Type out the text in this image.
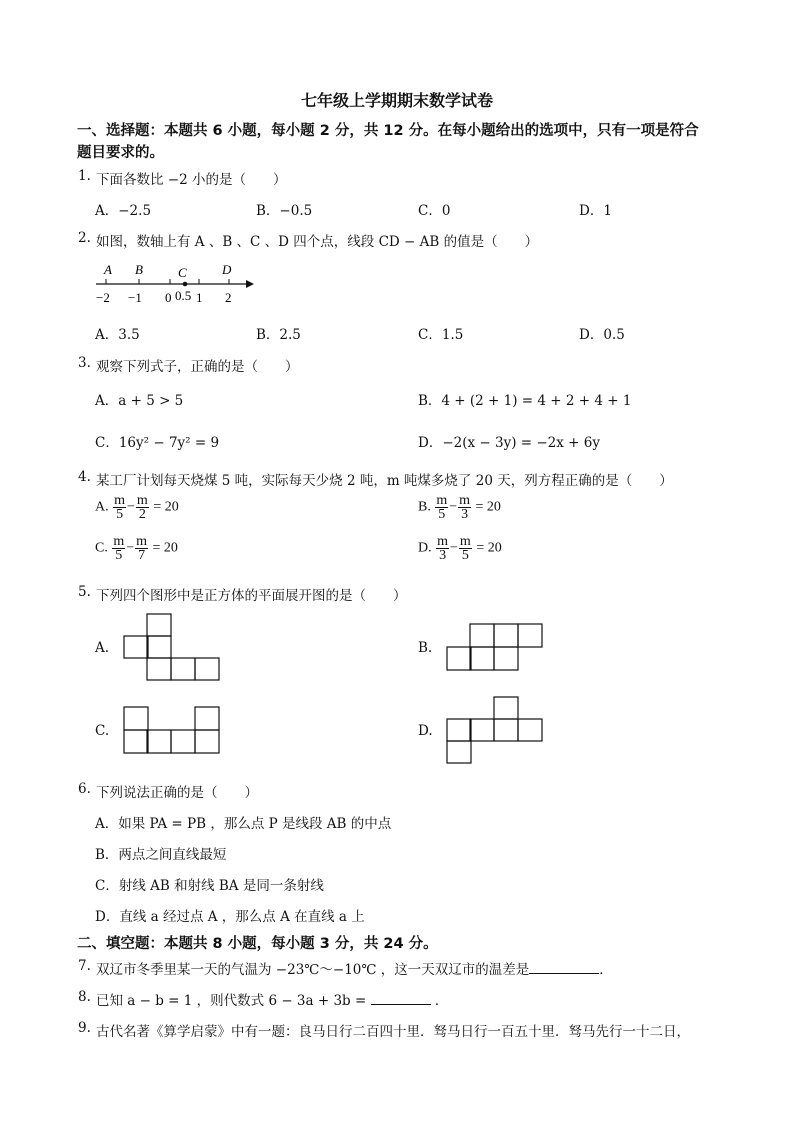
七年级上学期期末数学试卷
一、选择题：本题共 6 小题，每小题 2 分，共 12 分。在每小题给出的选项中，只有一项是符合
题目要求的。
1. 下面各数比 −2 小的是（　　）
A．−2.5	B．−0.5	C．0	D．1
2. 如图，数轴上有 A 、B 、C 、D 四个点，线段 CD − AB 的值是（　　）
A B	C	D
−2 −1 0 0.5 1 2
A．3.5	B．2.5	C．1.5	D．0.5
3. 观察下列式子，正确的是（　　）
A．a + 5 > 5	B．4 + (2 + 1) = 4 + 2 + 4 + 1
C．16y² − 7y² = 9	D．−2(x − 3y) = −2x + 6y
4. 某工厂计划每天烧煤 5 吨，实际每天少烧 2 吨，m 吨煤多烧了 20 天，列方程正确的是（　　）
A. $\frac{m}{5} - \frac{m}{2} = 20$	B. $\frac{m}{5} - \frac{m}{3} = 20$
C. $\frac{m}{5} - \frac{m}{7} = 20$	D. $\frac{m}{3} - \frac{m}{5} = 20$
5. 下列四个图形中是正方体的平面展开图的是（　　）
A.	B.
C.	D.
6. 下列说法正确的是（　　）
A．如果 PA = PB ，那么点 P 是线段 AB 的中点
B．两点之间直线最短
C．射线 AB 和射线 BA 是同一条射线
D．直线 a 经过点 A ，那么点 A 在直线 a 上
二、填空题：本题共 8 小题，每小题 3 分，共 24 分。
7. 双辽市冬季里某一天的气温为 −23℃～−10℃ ，这一天双辽市的温差是	．
8. 已知 a − b = 1 ，则代数式 6 − 3a + 3b =	．
9. 古代名著《算学启蒙》中有一题：良马日行二百四十里．驽马日行一百五十里．驽马先行一十二日，
